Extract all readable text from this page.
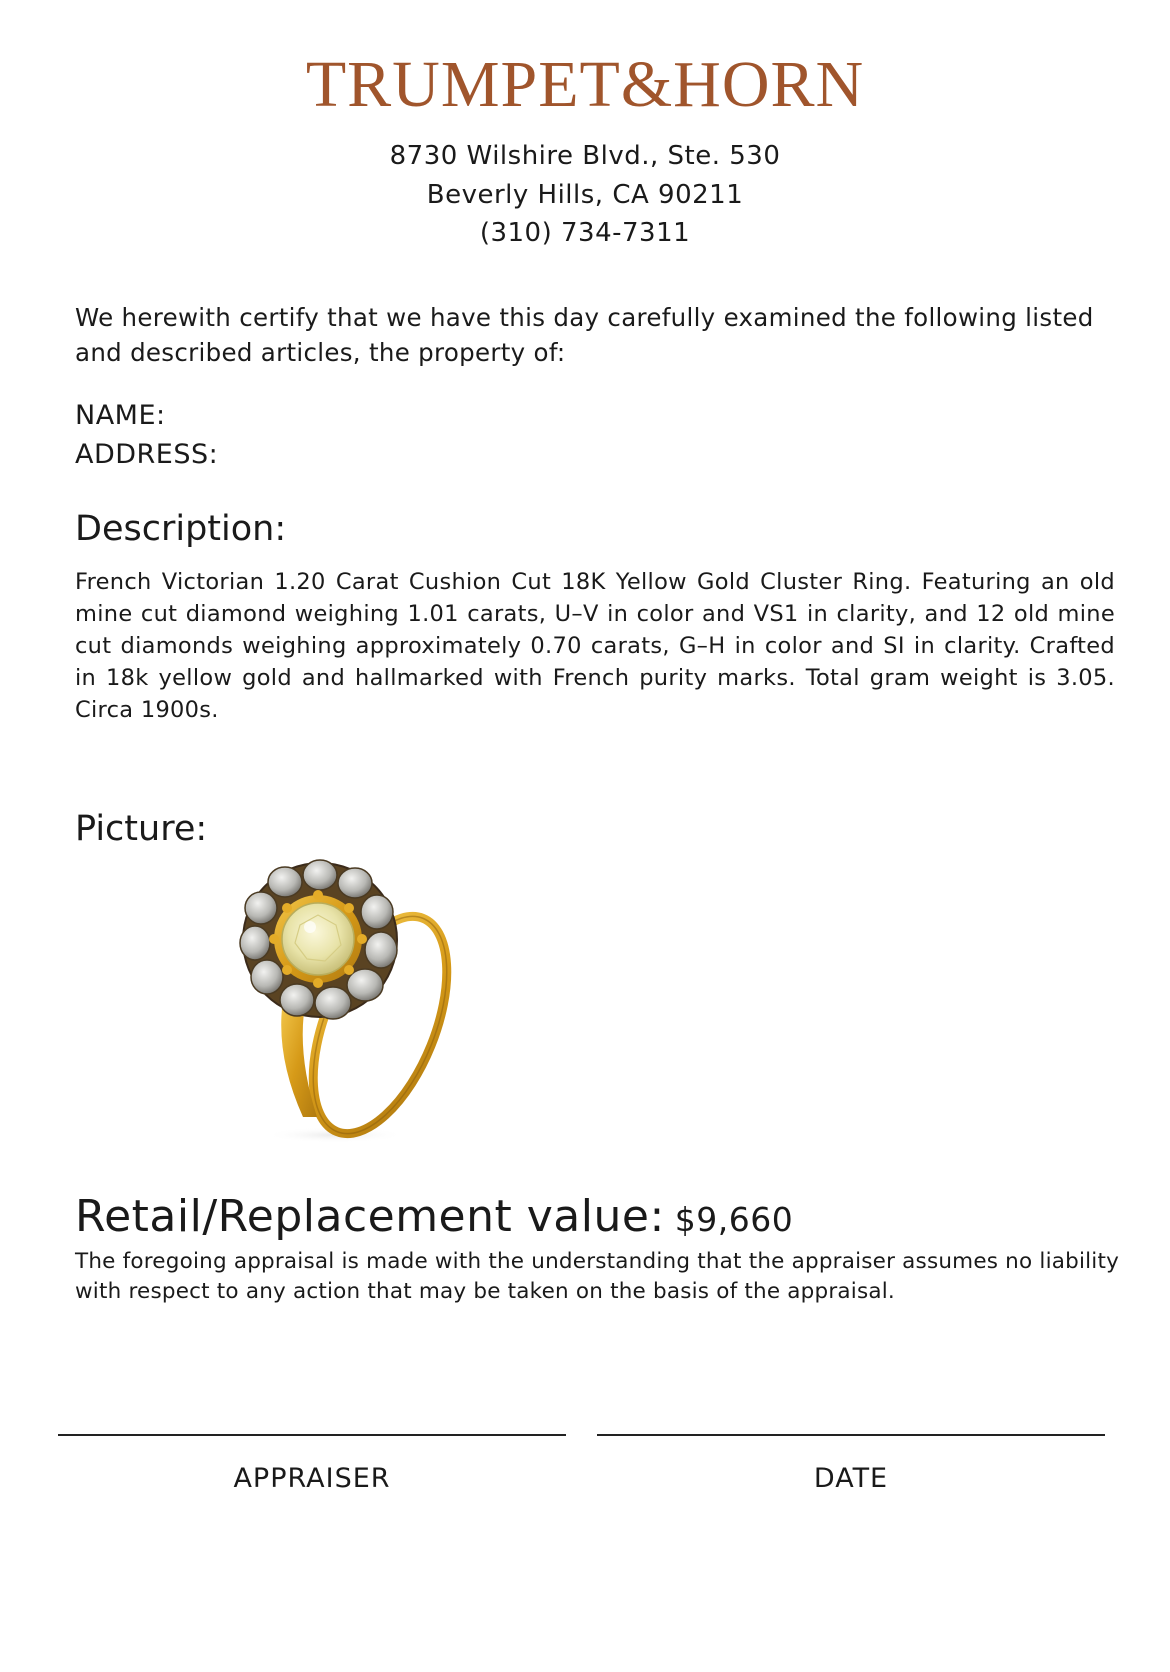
TRUMPET&HORN
8730 Wilshire Blvd., Ste. 530
Beverly Hills, CA 90211
(310) 734-7311
We herewith certify that we have this day carefully examined the following listed and described articles, the property of:
NAME:
ADDRESS:
Description:
French Victorian 1.20 Carat Cushion Cut 18K Yellow Gold Cluster Ring. Featuring an old mine cut diamond weighing 1.01 carats, U–V in color and VS1 in clarity, and 12 old mine cut diamonds weighing approximately 0.70 carats, G–H in color and SI in clarity. Crafted in 18k yellow gold and hallmarked with French purity marks. Total gram weight is 3.05. Circa 1900s.
Picture:
Retail/Replacement value: $9,660
The foregoing appraisal is made with the understanding that the appraiser assumes no liability with respect to any action that may be taken on the basis of the appraisal.
APPRAISER	DATE
